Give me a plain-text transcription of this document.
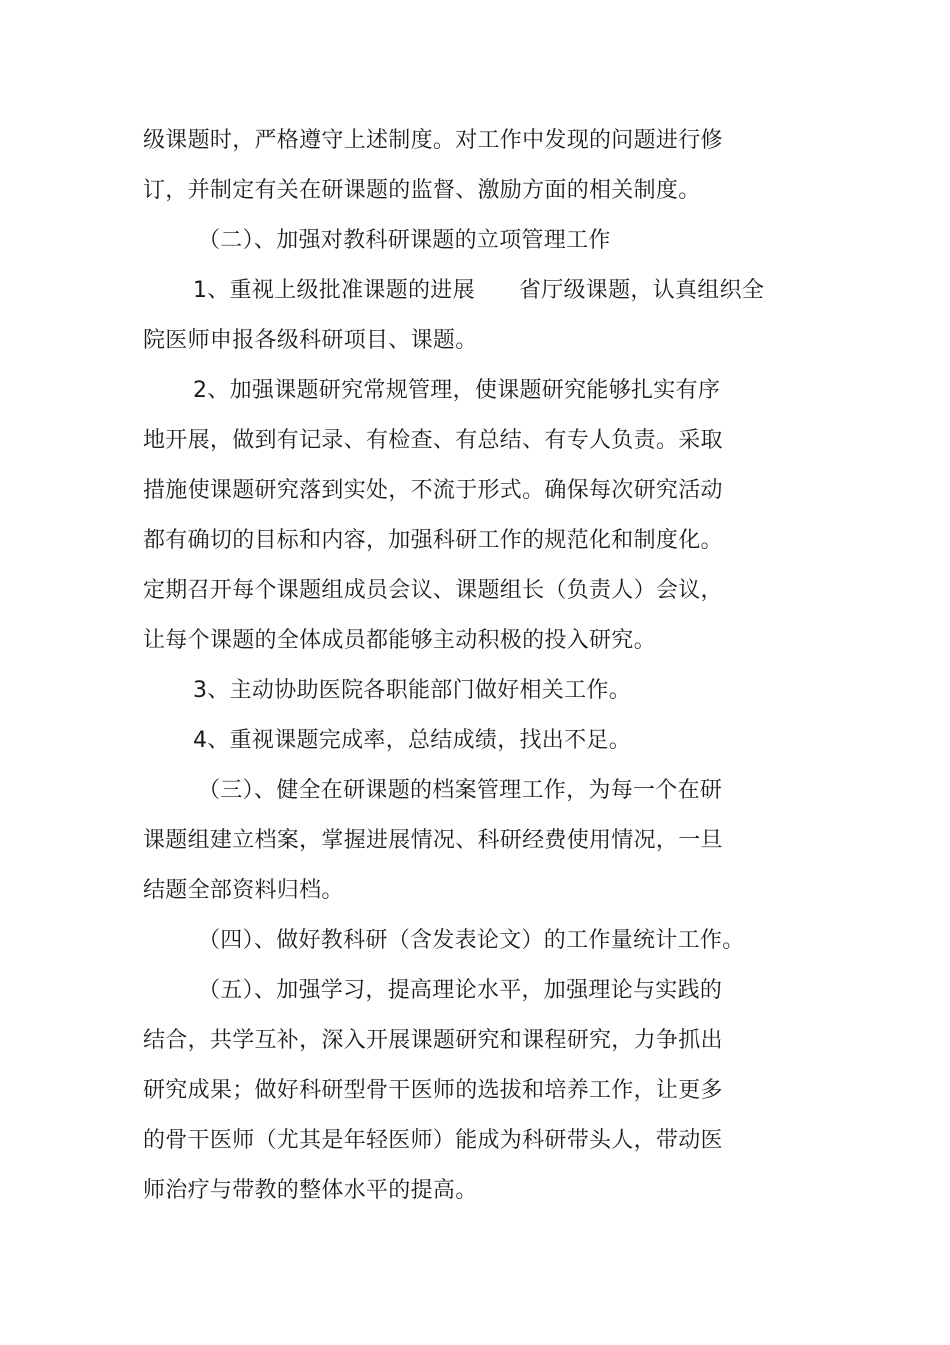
级课题时，严格遵守上述制度。对工作中发现的问题进行修
订，并制定有关在研课题的监督、激励方面的相关制度。
（二）、加强对教科研课题的立项管理工作
1、重视上级批准课题的进展 省厅级课题，认真组织全
院医师申报各级科研项目、课题。
2、加强课题研究常规管理，使课题研究能够扎实有序
地开展，做到有记录、有检查、有总结、有专人负责。采取
措施使课题研究落到实处，不流于形式。确保每次研究活动
都有确切的目标和内容，加强科研工作的规范化和制度化。
定期召开每个课题组成员会议、课题组长（负责人）会议，
让每个课题的全体成员都能够主动积极的投入研究。
3、主动协助医院各职能部门做好相关工作。
4、重视课题完成率，总结成绩，找出不足。
（三）、健全在研课题的档案管理工作，为每一个在研
课题组建立档案，掌握进展情况、科研经费使用情况，一旦
结题全部资料归档。
（四）、做好教科研（含发表论文）的工作量统计工作。
（五）、加强学习，提高理论水平，加强理论与实践的
结合，共学互补，深入开展课题研究和课程研究，力争抓出
研究成果；做好科研型骨干医师的选拔和培养工作，让更多
的骨干医师（尤其是年轻医师）能成为科研带头人，带动医
师治疗与带教的整体水平的提高。
